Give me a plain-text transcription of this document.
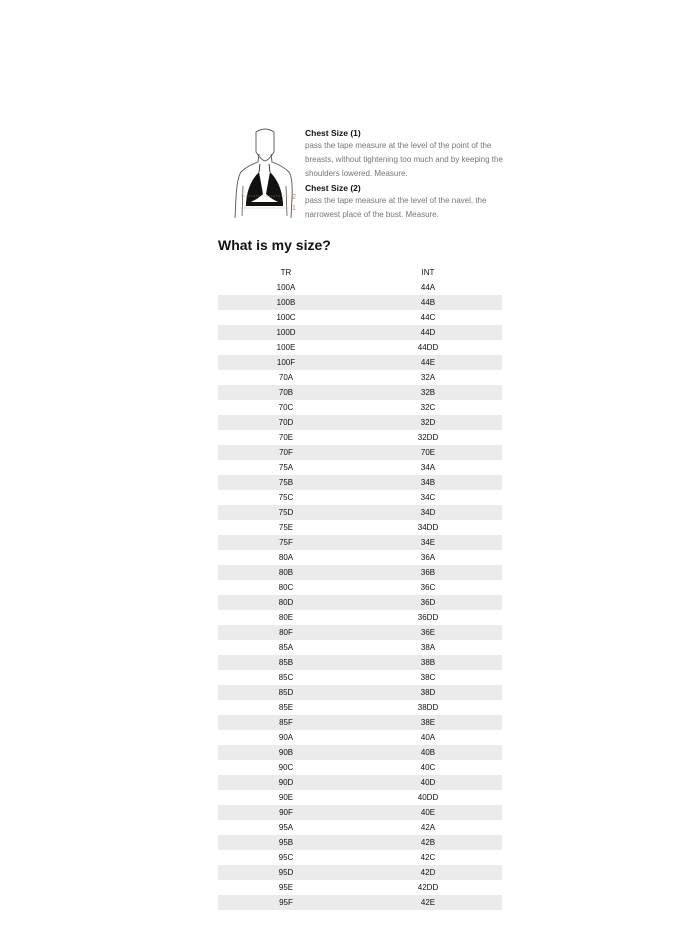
2
1
Chest Size (1)
pass the tape measure at the level of the point of the breasts, without tightening too much and by keeping the shoulders lowered. Measure.
Chest Size (2)
pass the tape measure at the level of the navel, the narrowest place of the bust. Measure.
What is my size?
TR	INT
100A	44A
100B	44B
100C	44C
100D	44D
100E	44DD
100F	44E
70A	32A
70B	32B
70C	32C
70D	32D
70E	32DD
70F	70E
75A	34A
75B	34B
75C	34C
75D	34D
75E	34DD
75F	34E
80A	36A
80B	36B
80C	36C
80D	36D
80E	36DD
80F	36E
85A	38A
85B	38B
85C	38C
85D	38D
85E	38DD
85F	38E
90A	40A
90B	40B
90C	40C
90D	40D
90E	40DD
90F	40E
95A	42A
95B	42B
95C	42C
95D	42D
95E	42DD
95F	42E
